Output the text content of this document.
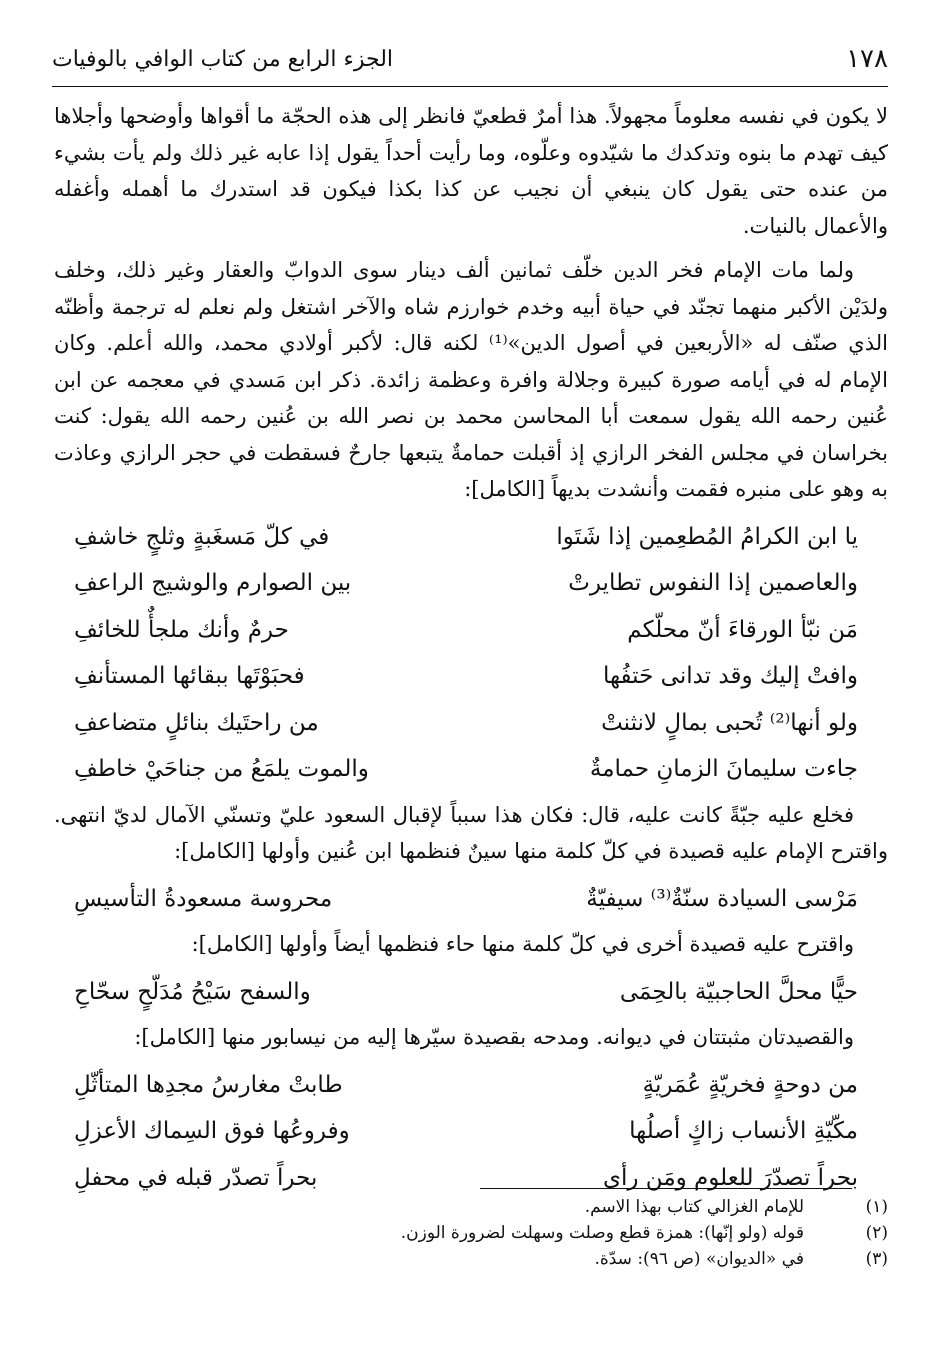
١٧٨
الجزء الرابع من كتاب الوافي بالوفيات

لا يكون في نفسه معلوماً مجهولاً. هذا أمرٌ قطعيّ فانظر إلى هذه الحجّة ما أقواها وأوضحها وأجلاها كيف تهدم ما بنوه وتدكدك ما شيّدوه وعلّوه، وما رأيت أحداً يقول إذا عابه غير ذلك ولم يأت بشيء من عنده حتى يقول كان ينبغي أن نجيب عن كذا بكذا فيكون قد استدرك ما أهمله وأغفله والأعمال بالنيات.

ولما مات الإمام فخر الدين خلّف ثمانين ألف دينار سوى الدوابّ والعقار وغير ذلك، وخلف ولدَيْن الأكبر منهما تجنّد في حياة أبيه وخدم خوارزم شاه والآخر اشتغل ولم نعلم له ترجمة وأظنّه الذي صنّف له «الأربعين في أصول الدين»⁽¹⁾ لكنه قال: لأكبر أولادي محمد، والله أعلم. وكان الإمام له في أيامه صورة كبيرة وجلالة وافرة وعظمة زائدة. ذكر ابن مَسدي في معجمه عن ابن عُنين رحمه الله يقول سمعت أبا المحاسن محمد بن نصر الله بن عُنين رحمه الله يقول: كنت بخراسان في مجلس الفخر الرازي إذ أقبلت حمامةٌ يتبعها جارحٌ فسقطت في حجر الرازي وعاذت به وهو على منبره فقمت وأنشدت بديهاً [الكامل]:

يا ابن الكرامُ المُطعِمين إذا شَتَوا
في كلّ مَسغَبةٍ وثلجٍ خاشفِ
والعاصمين إذا النفوس تطايرتْ
بين الصوارم والوشيج الراعفِ
مَن نبّأ الورقاءَ أنّ محلّكم
حرمٌ وأنك ملجأٌ للخائفِ
وافتْ إليك وقد تدانى حَتفُها
فحبَوْتَها ببقائها المستأنفِ
ولو أنها⁽²⁾ تُحبى بمالٍ لانثنتْ
من راحتَيك بنائلٍ متضاعفِ
جاءت سليمانَ الزمانِ حمامةٌ
والموت يلمَعُ من جناحَيْ خاطفِ

فخلع عليه جبّةً كانت عليه، قال: فكان هذا سبباً لإقبال السعود عليّ وتسنّي الآمال لديّ انتهى. واقترح الإمام عليه قصيدة في كلّ كلمة منها سينٌ فنظمها ابن عُنين وأولها [الكامل]:

مَرْسى السيادة سنّةٌ⁽³⁾ سيفيّةٌ
محروسة مسعودةُ التأسيسِ

واقترح عليه قصيدة أخرى في كلّ كلمة منها حاء فنظمها أيضاً وأولها [الكامل]:

حيًّا محلَّ الحاجبيّة بالحِمَى
والسفح سَيْحُ مُدَلّحٍ سحّاحِ

والقصيدتان مثبتتان في ديوانه. ومدحه بقصيدة سيّرها إليه من نيسابور منها [الكامل]:

من دوحةٍ فخريّةٍ عُمَريّةٍ
طابتْ مغارسُ مجدِها المتأثّلِ
مكّيّةِ الأنساب زاكٍ أصلُها
وفروعُها فوق السِماك الأعزلِ
بحراً تصدّرَ للعلوم ومَن رأى
بحراً تصدّر قبله في محفلِ
(١)
للإمام الغزالي كتاب بهذا الاسم.
(٢)
قوله (ولو إنّها): همزة قطع وصلت وسهلت لضرورة الوزن.
(٣)
في «الديوان» (ص ٩٦): سدّة.
